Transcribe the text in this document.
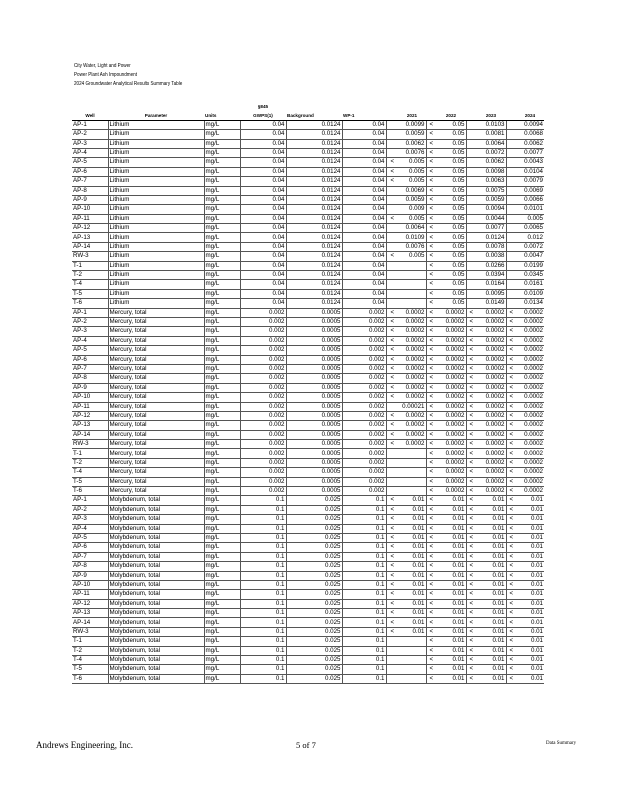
City Water, Light and Power
Power Plant Ash Impoundment
2024 Groundwater Analytical Results Summary Table
			§845										
Well	Parameter	Units	GWPS(1)	Background	WP-1		2021		2022		2023		2024
AP-1	Lithium	mg/L	0.04	0.0124	0.04		0.0099	<	0.05		0.0103		0.0094
AP-2	Lithium	mg/L	0.04	0.0124	0.04		0.0059	<	0.05		0.0081		0.0068
AP-3	Lithium	mg/L	0.04	0.0124	0.04		0.0062	<	0.05		0.0064		0.0062
AP-4	Lithium	mg/L	0.04	0.0124	0.04		0.0076	<	0.05		0.0072		0.0077
AP-5	Lithium	mg/L	0.04	0.0124	0.04	<	0.005	<	0.05		0.0062		0.0043
AP-6	Lithium	mg/L	0.04	0.0124	0.04	<	0.005	<	0.05		0.0098		0.0104
AP-7	Lithium	mg/L	0.04	0.0124	0.04	<	0.005	<	0.05		0.0063		0.0079
AP-8	Lithium	mg/L	0.04	0.0124	0.04		0.0069	<	0.05		0.0075		0.0069
AP-9	Lithium	mg/L	0.04	0.0124	0.04		0.0059	<	0.05		0.0059		0.0066
AP-10	Lithium	mg/L	0.04	0.0124	0.04		0.009	<	0.05		0.0094		0.0101
AP-11	Lithium	mg/L	0.04	0.0124	0.04	<	0.005	<	0.05		0.0044		0.005
AP-12	Lithium	mg/L	0.04	0.0124	0.04		0.0064	<	0.05		0.0077		0.0065
AP-13	Lithium	mg/L	0.04	0.0124	0.04		0.0109	<	0.05		0.0124		0.012
AP-14	Lithium	mg/L	0.04	0.0124	0.04		0.0076	<	0.05		0.0078		0.0072
RW-3	Lithium	mg/L	0.04	0.0124	0.04	<	0.005	<	0.05		0.0038		0.0047
T-1	Lithium	mg/L	0.04	0.0124	0.04			<	0.05		0.0266		0.0199
T-2	Lithium	mg/L	0.04	0.0124	0.04			<	0.05		0.0394		0.0345
T-4	Lithium	mg/L	0.04	0.0124	0.04			<	0.05		0.0164		0.0161
T-5	Lithium	mg/L	0.04	0.0124	0.04			<	0.05		0.0095		0.0109
T-6	Lithium	mg/L	0.04	0.0124	0.04			<	0.05		0.0149		0.0134
AP-1	Mercury, total	mg/L	0.002	0.0005	0.002	<	0.0002	<	0.0002	<	0.0002	<	0.0002
AP-2	Mercury, total	mg/L	0.002	0.0005	0.002	<	0.0002	<	0.0002	<	0.0002	<	0.0002
AP-3	Mercury, total	mg/L	0.002	0.0005	0.002	<	0.0002	<	0.0002	<	0.0002	<	0.0002
AP-4	Mercury, total	mg/L	0.002	0.0005	0.002	<	0.0002	<	0.0002	<	0.0002	<	0.0002
AP-5	Mercury, total	mg/L	0.002	0.0005	0.002	<	0.0002	<	0.0002	<	0.0002	<	0.0002
AP-6	Mercury, total	mg/L	0.002	0.0005	0.002	<	0.0002	<	0.0002	<	0.0002	<	0.0002
AP-7	Mercury, total	mg/L	0.002	0.0005	0.002	<	0.0002	<	0.0002	<	0.0002	<	0.0002
AP-8	Mercury, total	mg/L	0.002	0.0005	0.002	<	0.0002	<	0.0002	<	0.0002	<	0.0002
AP-9	Mercury, total	mg/L	0.002	0.0005	0.002	<	0.0002	<	0.0002	<	0.0002	<	0.0002
AP-10	Mercury, total	mg/L	0.002	0.0005	0.002	<	0.0002	<	0.0002	<	0.0002	<	0.0002
AP-11	Mercury, total	mg/L	0.002	0.0005	0.002		0.00021	<	0.0002	<	0.0002	<	0.0002
AP-12	Mercury, total	mg/L	0.002	0.0005	0.002	<	0.0002	<	0.0002	<	0.0002	<	0.0002
AP-13	Mercury, total	mg/L	0.002	0.0005	0.002	<	0.0002	<	0.0002	<	0.0002	<	0.0002
AP-14	Mercury, total	mg/L	0.002	0.0005	0.002	<	0.0002	<	0.0002	<	0.0002	<	0.0002
RW-3	Mercury, total	mg/L	0.002	0.0005	0.002	<	0.0002	<	0.0002	<	0.0002	<	0.0002
T-1	Mercury, total	mg/L	0.002	0.0005	0.002			<	0.0002	<	0.0002	<	0.0002
T-2	Mercury, total	mg/L	0.002	0.0005	0.002			<	0.0002	<	0.0002	<	0.0002
T-4	Mercury, total	mg/L	0.002	0.0005	0.002			<	0.0002	<	0.0002	<	0.0002
T-5	Mercury, total	mg/L	0.002	0.0005	0.002			<	0.0002	<	0.0002	<	0.0002
T-6	Mercury, total	mg/L	0.002	0.0005	0.002			<	0.0002	<	0.0002	<	0.0002
AP-1	Molybdenum, total	mg/L	0.1	0.025	0.1	<	0.01	<	0.01	<	0.01	<	0.01
AP-2	Molybdenum, total	mg/L	0.1	0.025	0.1	<	0.01	<	0.01	<	0.01	<	0.01
AP-3	Molybdenum, total	mg/L	0.1	0.025	0.1	<	0.01	<	0.01	<	0.01	<	0.01
AP-4	Molybdenum, total	mg/L	0.1	0.025	0.1	<	0.01	<	0.01	<	0.01	<	0.01
AP-5	Molybdenum, total	mg/L	0.1	0.025	0.1	<	0.01	<	0.01	<	0.01	<	0.01
AP-6	Molybdenum, total	mg/L	0.1	0.025	0.1	<	0.01	<	0.01	<	0.01	<	0.01
AP-7	Molybdenum, total	mg/L	0.1	0.025	0.1	<	0.01	<	0.01	<	0.01	<	0.01
AP-8	Molybdenum, total	mg/L	0.1	0.025	0.1	<	0.01	<	0.01	<	0.01	<	0.01
AP-9	Molybdenum, total	mg/L	0.1	0.025	0.1	<	0.01	<	0.01	<	0.01	<	0.01
AP-10	Molybdenum, total	mg/L	0.1	0.025	0.1	<	0.01	<	0.01	<	0.01	<	0.01
AP-11	Molybdenum, total	mg/L	0.1	0.025	0.1	<	0.01	<	0.01	<	0.01	<	0.01
AP-12	Molybdenum, total	mg/L	0.1	0.025	0.1	<	0.01	<	0.01	<	0.01	<	0.01
AP-13	Molybdenum, total	mg/L	0.1	0.025	0.1	<	0.01	<	0.01	<	0.01	<	0.01
AP-14	Molybdenum, total	mg/L	0.1	0.025	0.1	<	0.01	<	0.01	<	0.01	<	0.01
RW-3	Molybdenum, total	mg/L	0.1	0.025	0.1	<	0.01	<	0.01	<	0.01	<	0.01
T-1	Molybdenum, total	mg/L	0.1	0.025	0.1			<	0.01	<	0.01	<	0.01
T-2	Molybdenum, total	mg/L	0.1	0.025	0.1			<	0.01	<	0.01	<	0.01
T-4	Molybdenum, total	mg/L	0.1	0.025	0.1			<	0.01	<	0.01	<	0.01
T-5	Molybdenum, total	mg/L	0.1	0.025	0.1			<	0.01	<	0.01	<	0.01
T-6	Molybdenum, total	mg/L	0.1	0.025	0.1			<	0.01	<	0.01	<	0.01
Andrews Engineering, Inc.	5 of 7	Data Summary
